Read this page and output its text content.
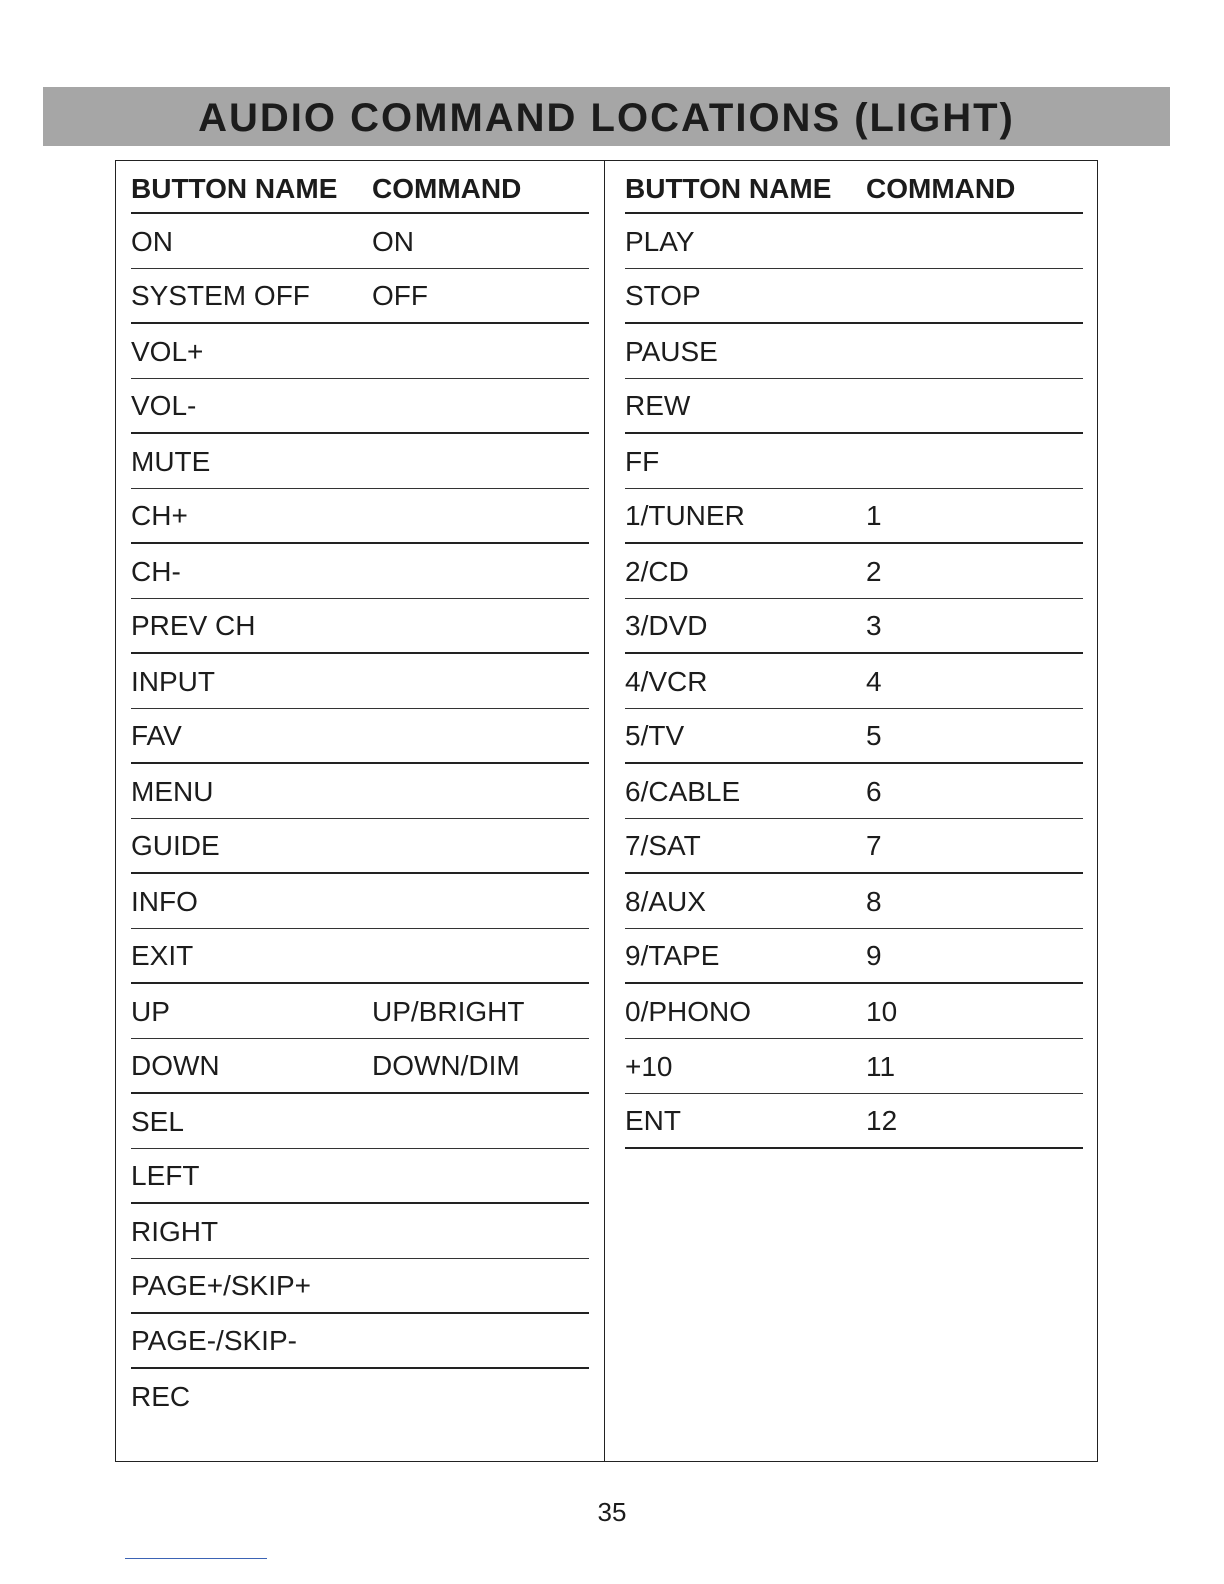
AUDIO COMMAND LOCATIONS (LIGHT)
BUTTON NAME	COMMAND
ON	ON
SYSTEM OFF	OFF
VOL+
VOL-
MUTE
CH+
CH-
PREV CH
INPUT
FAV
MENU
GUIDE
INFO
EXIT
UP	UP/BRIGHT
DOWN	DOWN/DIM
SEL
LEFT
RIGHT
PAGE+/SKIP+
PAGE-/SKIP-
REC
BUTTON NAME	COMMAND
PLAY
STOP
PAUSE
REW
FF
1/TUNER	1
2/CD	2
3/DVD	3
4/VCR	4
5/TV	5
6/CABLE	6
7/SAT	7
8/AUX	8
9/TAPE	9
0/PHONO	10
+10	11
ENT	12
35
